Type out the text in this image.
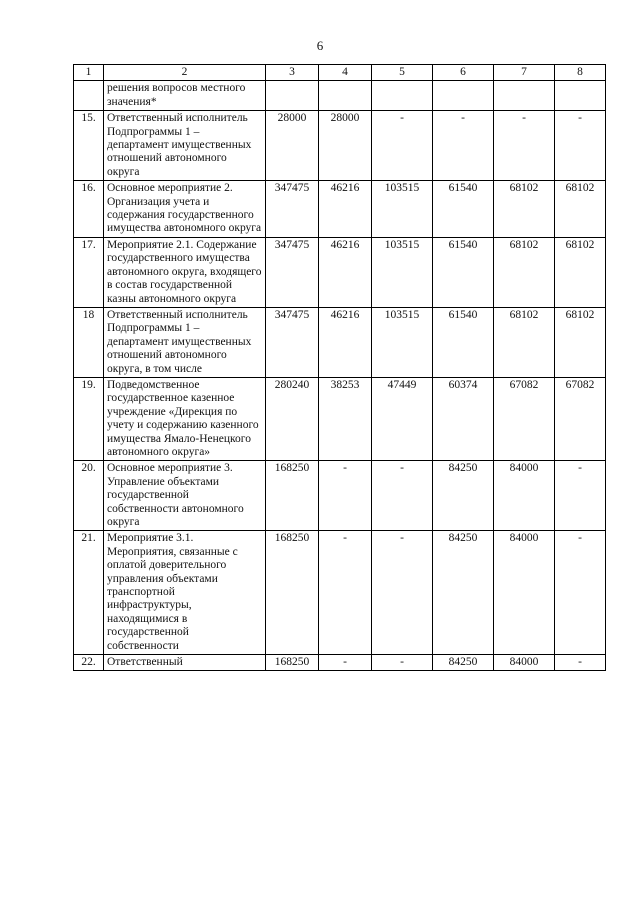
6
1	2	3	4	5	6	7	8
	решения вопросов местного значения*						
15.	Ответственный исполнитель Подпрограммы 1 – департамент имущественных отношений автономного округа	28000	28000	-	-	-	-
16.	Основное мероприятие 2. Организация учета и содержания государственного имущества автономного округа	347475	46216	103515	61540	68102	68102
17.	Мероприятие 2.1. Содержание государственного имущества автономного округа, входящего в состав государственной казны автономного округа	347475	46216	103515	61540	68102	68102
18	Ответственный исполнитель Подпрограммы 1 – департамент имущественных отношений автономного округа, в том числе	347475	46216	103515	61540	68102	68102
19.	Подведомственное государственное казенное учреждение «Дирекция по учету и содержанию казенного имущества Ямало-Ненецкого автономного округа»	280240	38253	47449	60374	67082	67082
20.	Основное мероприятие 3. Управление объектами государственной собственности автономного округа	168250	-	-	84250	84000	-
21.	Мероприятие 3.1. Мероприятия, связанные с оплатой доверительного управления объектами транспортной инфраструктуры, находящимися в государственной собственности	168250	-	-	84250	84000	-
22.	Ответственный	168250	-	-	84250	84000	-
